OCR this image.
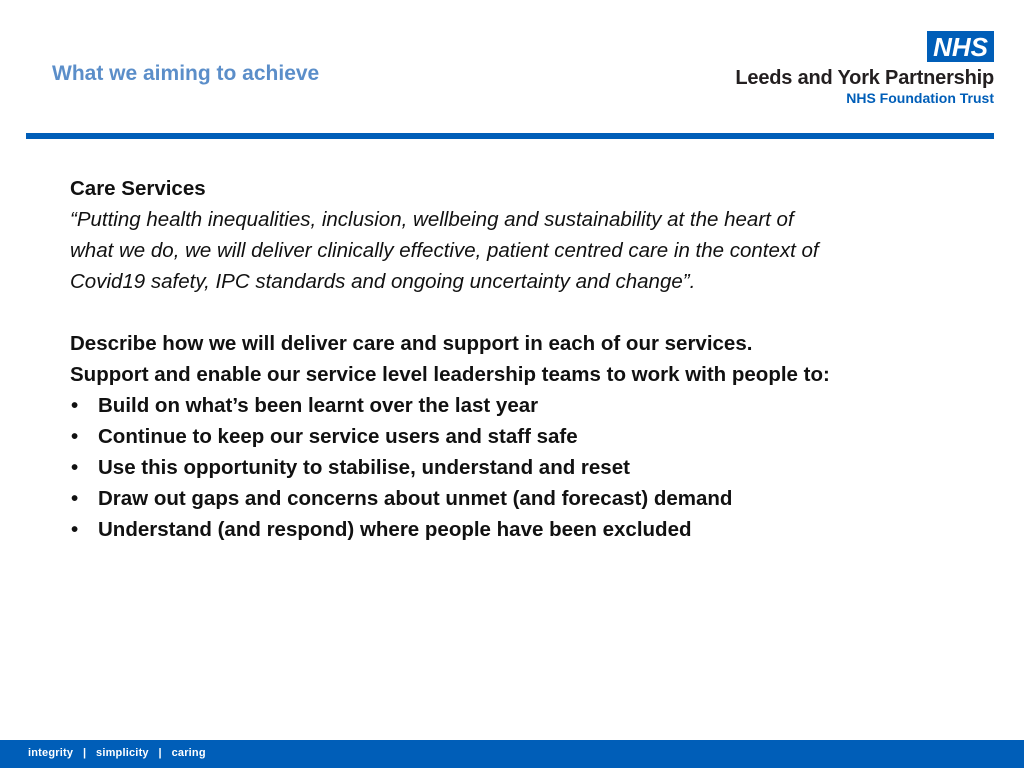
What we aiming to achieve
NHS
Leeds and York Partnership
NHS Foundation Trust
Care Services
“Putting health inequalities, inclusion, wellbeing and sustainability at the heart of
what we do, we will deliver clinically effective, patient centred care in the context of
Covid19 safety, IPC standards and ongoing uncertainty and change”.
Describe how we will deliver care and support in each of our services.
Support and enable our service level leadership teams to work with people to:
• Build on what’s been learnt over the last year
• Continue to keep our service users and staff safe
• Use this opportunity to stabilise, understand and reset
• Draw out gaps and concerns about unmet (and forecast) demand
• Understand (and respond) where people have been excluded
integrity   |   simplicity   |   caring
